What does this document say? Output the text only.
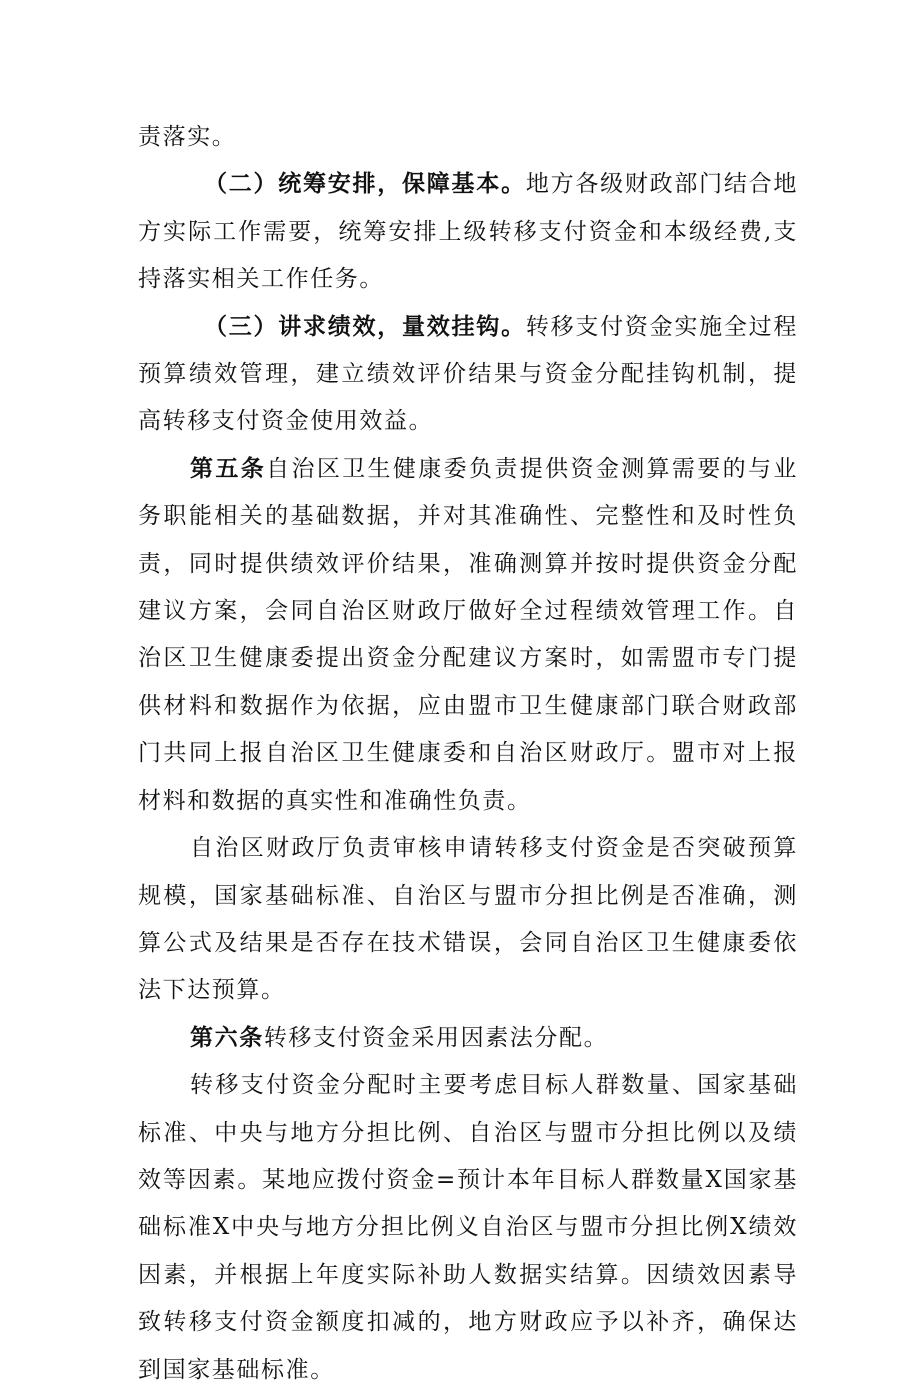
责落实。

（二）统筹安排，保障基本。地方各级财政部门结合地方实际工作需要，统筹安排上级转移支付资金和本级经费,支持落实相关工作任务。

（三）讲求绩效，量效挂钩。转移支付资金实施全过程预算绩效管理，建立绩效评价结果与资金分配挂钩机制，提高转移支付资金使用效益。

第五条自治区卫生健康委负责提供资金测算需要的与业务职能相关的基础数据，并对其准确性、完整性和及时性负责，同时提供绩效评价结果，准确测算并按时提供资金分配建议方案，会同自治区财政厅做好全过程绩效管理工作。自治区卫生健康委提出资金分配建议方案时，如需盟市专门提供材料和数据作为依据，应由盟市卫生健康部门联合财政部门共同上报自治区卫生健康委和自治区财政厅。盟市对上报材料和数据的真实性和准确性负责。

自治区财政厅负责审核申请转移支付资金是否突破预算规模，国家基础标准、自治区与盟市分担比例是否准确，测算公式及结果是否存在技术错误，会同自治区卫生健康委依法下达预算。

第六条转移支付资金采用因素法分配。

转移支付资金分配时主要考虑目标人群数量、国家基础标准、中央与地方分担比例、自治区与盟市分担比例以及绩效等因素。某地应拨付资金=预计本年目标人群数量X国家基础标准X中央与地方分担比例义自治区与盟市分担比例X绩效因素，并根据上年度实际补助人数据实结算。因绩效因素导致转移支付资金额度扣减的，地方财政应予以补齐，确保达到国家基础标准。
